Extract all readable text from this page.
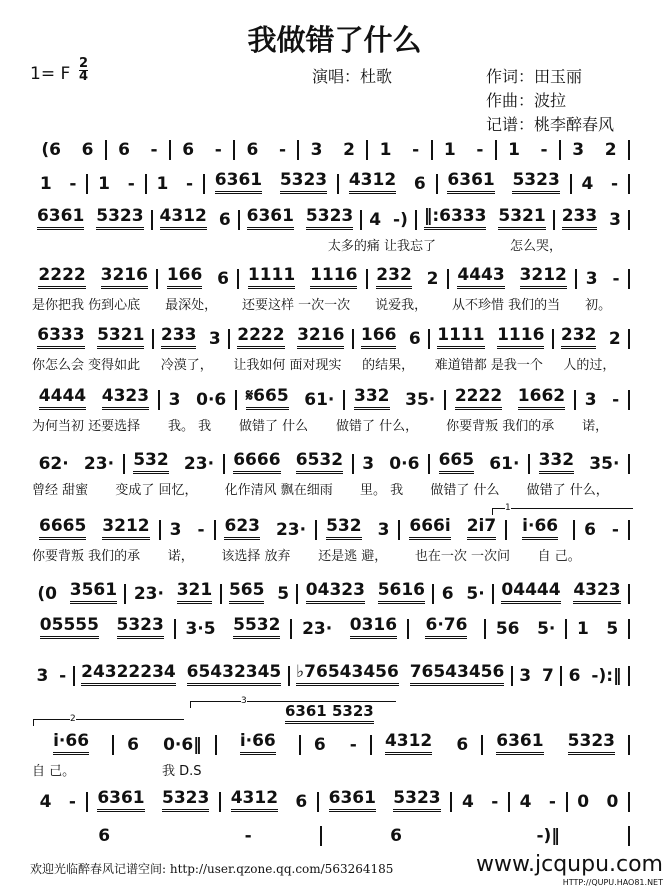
我做错了什么
1= F $\frac{2}{4}$	演唱：杜歌	作词：田玉丽
作曲：波拉
记谱：桃李醉春风
(6 6 6 - 6 - 6 - 3 2 1 - 1 - 1 - 3 2
1 - 1 - 1 - 6361 5323 4312 6 6361 5323 4 -
6361 5323 4312 6 6361 5323 4 -) ‖:6333 5321 233 3
太多的痛 让我忘了	怎么哭，
2222 3216 166 6 1111 1116 232 2 4443 3212 3 -
是你把我 伤到心底	最深处，	还要这样 一次一次	说爱我，	从不珍惜 我们的当	初。
6333 5321 233 3 2222 3216 166 6 1111 1116 232 2
你怎么会 变得如此	冷漠了，	让我如何 面对现实	的结果，	难道错都 是我一个	人的过，
4444 4323 3 0·6 𝄋665 61· 332 35· 2222 1662 3 -
为何当初 还要选择	我。 我	做错了 什么	做错了 什么，	你要背叛 我们的承	诺，
62· 23· 532 23· 6666 6532 3 0·6 665 61· 332 35·
曾经 甜蜜	变成了 回忆，	化作清风 飘在细雨	里。 我	做错了 什么	做错了 什么，
6665 3212 3 - 623 23· 532 3 666i 2i7 i·66 6 -
你要背叛 我们的承	诺，	该选择 放弃	还是逃 避，	也在一次 一次问	自 己。
(0 3561 23· 321 565 5 04323 5616 6 5· 04444 4323
05555 5323 3·5 5532 23· 0316 6·76 56 5· 1 5
3 - 24322234 65432345 ♭76543456 76543456 3 7 6 -):‖
i·66 6 0·6‖ i·66 6 - 4312 6 6361 5323
自 己。	我 D.S
4 - 6361 5323 4312 6 6361 5323 4 - 4 - 0 0
6	-	6	-)‖
1
2
3
6361 5323
欢迎光临醉春风记谱空间: http://user.qzone.qq.com/563264185	www.jcqupu.com
HTTP://QUPU.HAO81.NET
